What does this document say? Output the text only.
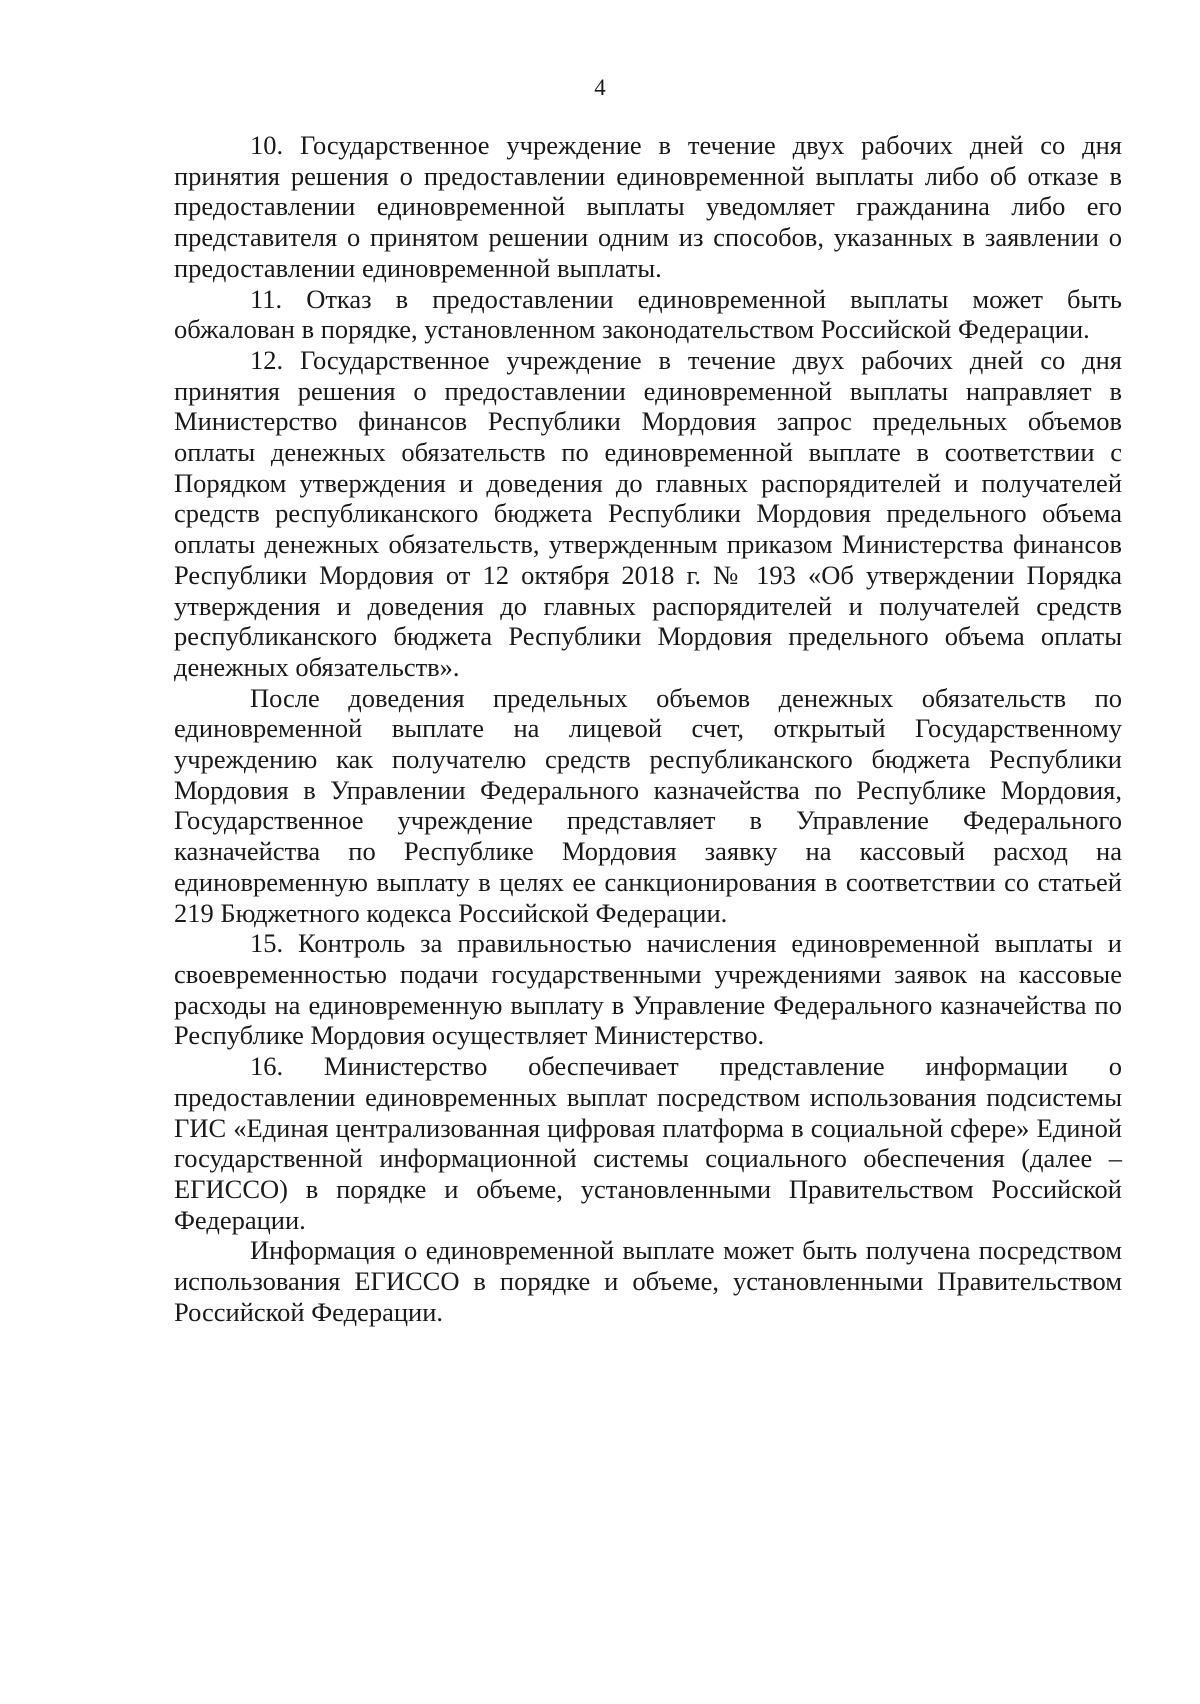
4

10. Государственное учреждение в течение двух рабочих дней со дня принятия решения о предоставлении единовременной выплаты либо об отказе в предоставлении единовременной выплаты уведомляет гражданина либо его представителя о принятом решении одним из способов, указанных в заявлении о предоставлении единовременной выплаты.

11. Отказ в предоставлении единовременной выплаты может быть обжалован в порядке, установленном законодательством Российской Федерации.

12. Государственное учреждение в течение двух рабочих дней со дня принятия решения о предоставлении единовременной выплаты направляет в Министерство финансов Республики Мордовия запрос предельных объемов оплаты денежных обязательств по единовременной выплате в соответствии с Порядком утверждения и доведения до главных распорядителей и получателей средств республиканского бюджета Республики Мордовия предельного объема оплаты денежных обязательств, утвержденным приказом Министерства финансов Республики Мордовия от 12 октября 2018 г. № 193 «Об утверждении Порядка утверждения и доведения до главных распорядителей и получателей средств республиканского бюджета Республики Мордовия предельного объема оплаты денежных обязательств».

После доведения предельных объемов денежных обязательств по единовременной выплате на лицевой счет, открытый Государственному учреждению как получателю средств республиканского бюджета Республики Мордовия в Управлении Федерального казначейства по Республике Мордовия, Государственное учреждение представляет в Управление Федерального казначейства по Республике Мордовия заявку на кассовый расход на единовременную выплату в целях ее санкционирования в соответствии со статьей 219 Бюджетного кодекса Российской Федерации.

15. Контроль за правильностью начисления единовременной выплаты и своевременностью подачи государственными учреждениями заявок на кассовые расходы на единовременную выплату в Управление Федерального казначейства по Республике Мордовия осуществляет Министерство.

16. Министерство обеспечивает представление информации о предоставлении единовременных выплат посредством использования подсистемы ГИС «Единая централизованная цифровая платформа в социальной сфере» Единой государственной информационной системы социального обеспечения (далее – ЕГИССО) в порядке и объеме, установленными Правительством Российской Федерации.

Информация о единовременной выплате может быть получена посредством использования ЕГИССО в порядке и объеме, установленными Правительством Российской Федерации.
